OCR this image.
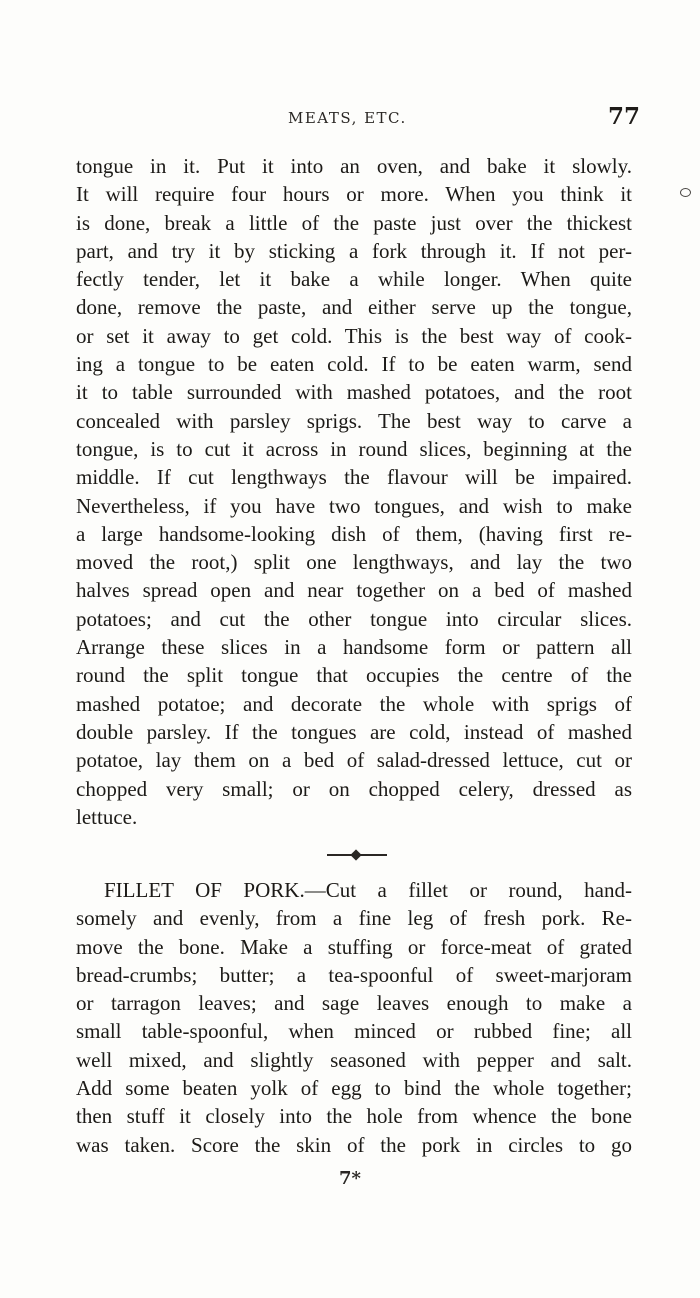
MEATS, ETC.	77
tongue in it. Put it into an oven, and bake it slowly.
It will require four hours or more. When you think it
is done, break a little of the paste just over the thickest
part, and try it by sticking a fork through it. If not per-
fectly tender, let it bake a while longer. When quite
done, remove the paste, and either serve up the tongue,
or set it away to get cold. This is the best way of cook-
ing a tongue to be eaten cold. If to be eaten warm, send
it to table surrounded with mashed potatoes, and the root
concealed with parsley sprigs. The best way to carve a
tongue, is to cut it across in round slices, beginning at the
middle. If cut lengthways the flavour will be impaired.
Nevertheless, if you have two tongues, and wish to make
a large handsome-looking dish of them, (having first re-
moved the root,) split one lengthways, and lay the two
halves spread open and near together on a bed of mashed
potatoes; and cut the other tongue into circular slices.
Arrange these slices in a handsome form or pattern all
round the split tongue that occupies the centre of the
mashed potatoe; and decorate the whole with sprigs of
double parsley. If the tongues are cold, instead of mashed
potatoe, lay them on a bed of salad-dressed lettuce, cut or
chopped very small; or on chopped celery, dressed as
lettuce.
FILLET OF PORK.—Cut a fillet or round, hand-
somely and evenly, from a fine leg of fresh pork. Re-
move the bone. Make a stuffing or force-meat of grated
bread-crumbs; butter; a tea-spoonful of sweet-marjoram
or tarragon leaves; and sage leaves enough to make a
small table-spoonful, when minced or rubbed fine; all
well mixed, and slightly seasoned with pepper and salt.
Add some beaten yolk of egg to bind the whole together;
then stuff it closely into the hole from whence the bone
was taken. Score the skin of the pork in circles to go
7*
